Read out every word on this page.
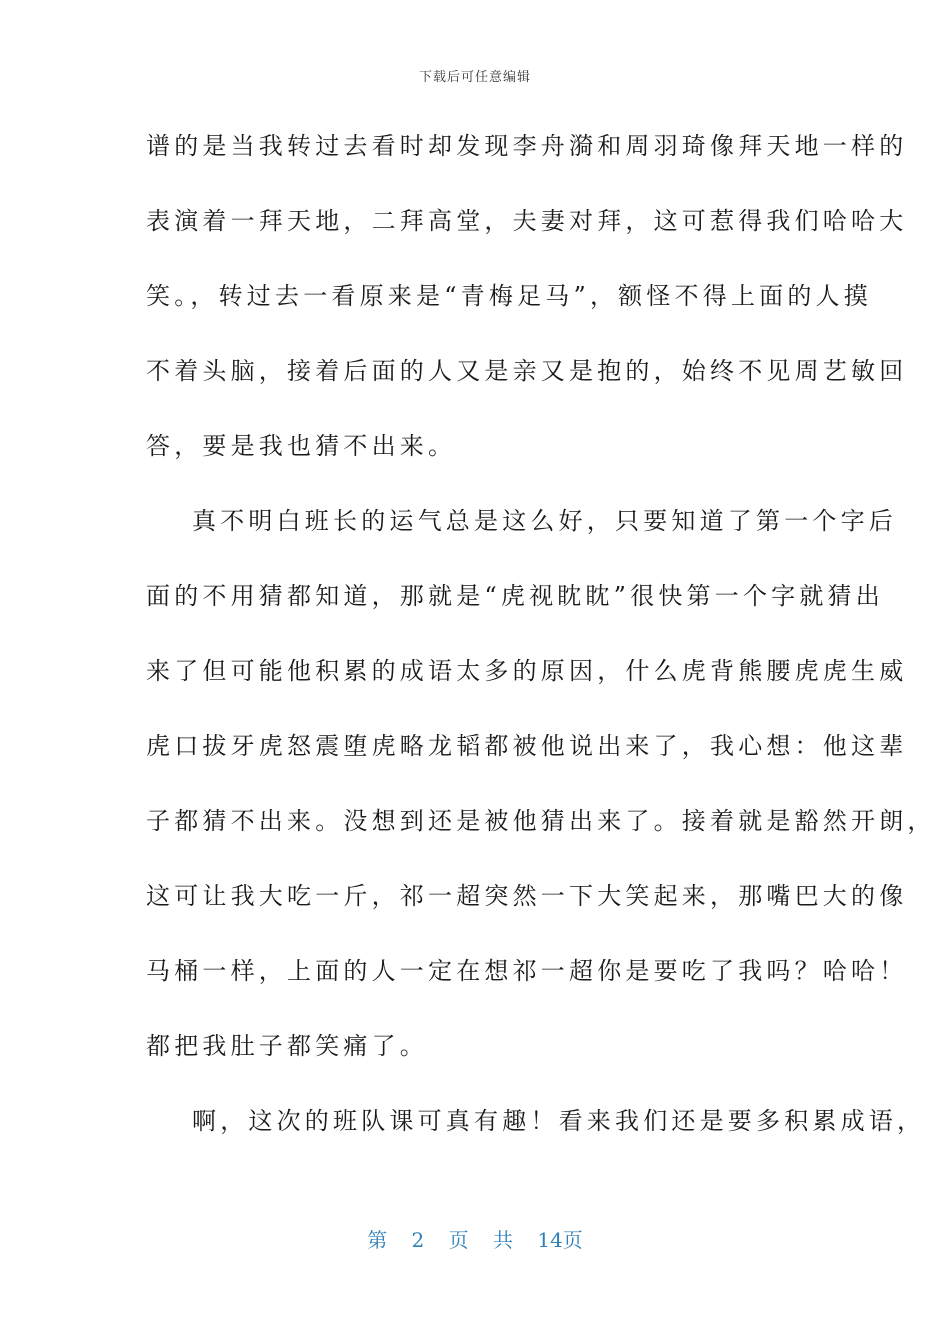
下载后可任意编辑
谱的是当我转过去看时却发现李舟漪和周羽琦像拜天地一样的
表演着一拜天地，二拜高堂，夫妻对拜，这可惹得我们哈哈大
笑。，转过去一看原来是“青梅足马”，额怪不得上面的人摸
不着头脑，接着后面的人又是亲又是抱的，始终不见周艺敏回
答，要是我也猜不出来。
真不明白班长的运气总是这么好，只要知道了第一个字后
面的不用猜都知道，那就是“虎视眈眈”很快第一个字就猜出
来了但可能他积累的成语太多的原因，什么虎背熊腰虎虎生威
虎口拔牙虎怒震堕虎略龙韬都被他说出来了，我心想：他这辈
子都猜不出来。没想到还是被他猜出来了。接着就是豁然开朗，
这可让我大吃一斤，祁一超突然一下大笑起来，那嘴巴大的像
马桶一样，上面的人一定在想祁一超你是要吃了我吗？哈哈！
都把我肚子都笑痛了。
啊，这次的班队课可真有趣！看来我们还是要多积累成语，
第 2 页 共 14页
